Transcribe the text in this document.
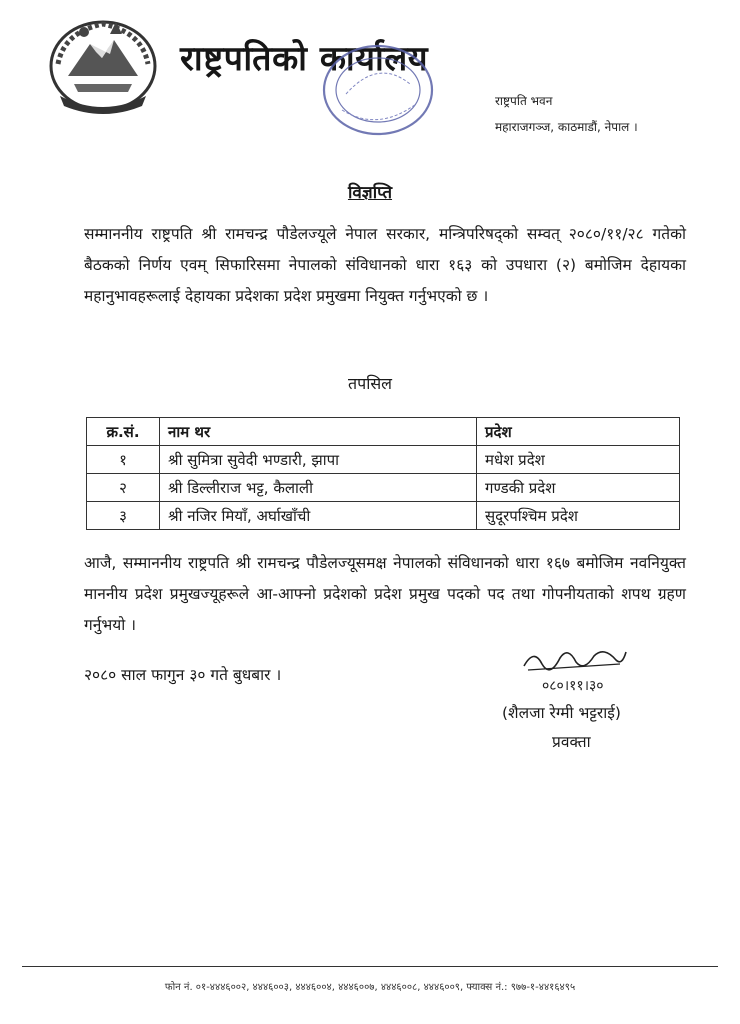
राष्ट्रपतिको कार्यालय
राष्ट्रपति भवन
महाराजगञ्ज, काठमाडौं, नेपाल ।
विज्ञप्ति
सम्माननीय राष्ट्रपति श्री रामचन्द्र पौडेलज्यूले नेपाल सरकार, मन्त्रिपरिषद्को सम्वत् २०८०/११/२८ गतेको बैठकको निर्णय एवम् सिफारिसमा नेपालको संविधानको धारा १६३ को उपधारा (२) बमोजिम देहायका महानुभावहरूलाई देहायका प्रदेशका प्रदेश प्रमुखमा नियुक्त गर्नुभएको छ ।
तपसिल
क्र.सं.	नाम थर	प्रदेश
१	श्री सुमित्रा सुवेदी भण्डारी, झापा	मधेश प्रदेश
२	श्री डिल्लीराज भट्ट, कैलाली	गण्डकी प्रदेश
३	श्री नजिर मियाँ, अर्घाखाँची	सुदूरपश्चिम प्रदेश
आजै, सम्माननीय राष्ट्रपति श्री रामचन्द्र पौडेलज्यूसमक्ष नेपालको संविधानको धारा १६७ बमोजिम नवनियुक्त माननीय प्रदेश प्रमुखज्यूहरूले आ-आफ्नो प्रदेशको प्रदेश प्रमुख पदको पद तथा गोपनीयताको शपथ ग्रहण गर्नुभयो ।
२०८० साल फागुन ३० गते बुधबार ।
०८०।११।३०
(शैलजा रेग्मी भट्टराई)
प्रवक्ता
फोन नं. ०१-४४४६००२, ४४४६००३, ४४४६००४, ४४४६००७, ४४४६००८, ४४४६००९, फ्याक्स नं.: ९७७-१-४४१६४९५
